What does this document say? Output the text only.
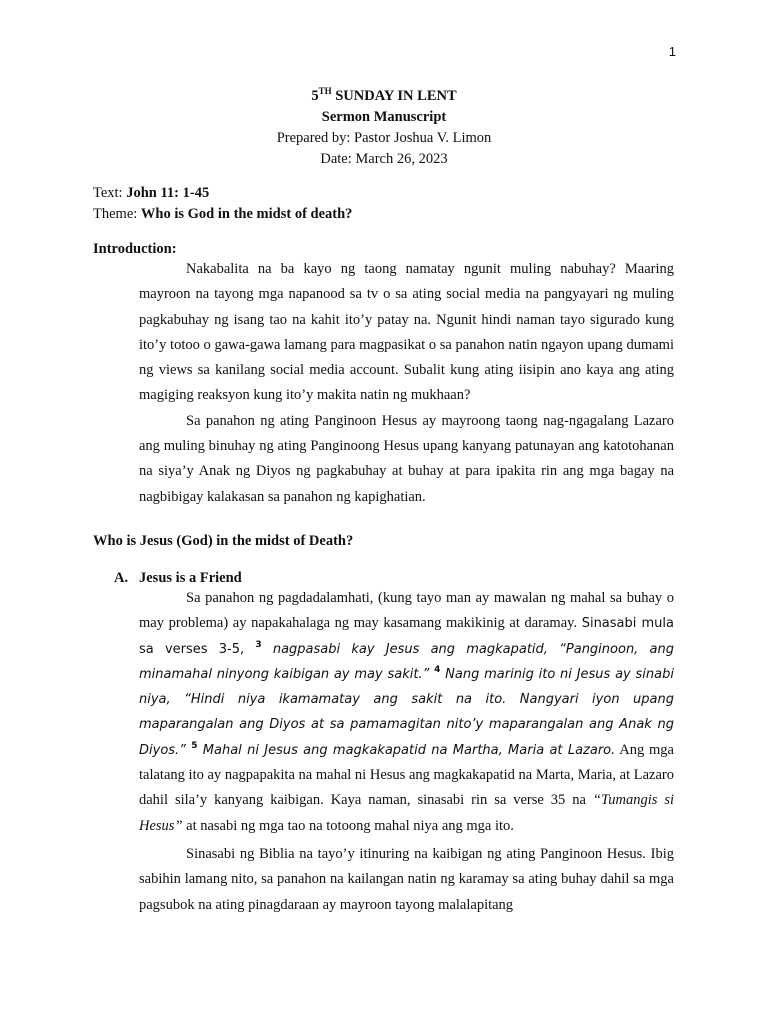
1
5TH SUNDAY IN LENT
Sermon Manuscript
Prepared by: Pastor Joshua V. Limon
Date: March 26, 2023
Text: John 11: 1-45
Theme: Who is God in the midst of death?
Introduction:

Nakabalita na ba kayo ng taong namatay ngunit muling nabuhay? Maaring mayroon na tayong mga napanood sa tv o sa ating social media na pangyayari ng muling pagkabuhay ng isang tao na kahit ito’y patay na. Ngunit hindi naman tayo sigurado kung ito’y totoo o gawa-gawa lamang para magpasikat o sa panahon natin ngayon upang dumami ng views sa kanilang social media account. Subalit kung ating iisipin ano kaya ang ating magiging reaksyon kung ito’y makita natin ng mukhaan?

Sa panahon ng ating Panginoon Hesus ay mayroong taong nag-ngagalang Lazaro ang muling binuhay ng ating Panginoong Hesus upang kanyang patunayan ang katotohanan na siya’y Anak ng Diyos ng pagkabuhay at buhay at para ipakita rin ang mga bagay na nagbibigay kalakasan sa panahon ng kapighatian.

Who is Jesus (God) in the midst of Death?
A. Jesus is a Friend

Sa panahon ng pagdadalamhati, (kung tayo man ay mawalan ng mahal sa buhay o may problema) ay napakahalaga ng may kasamang makikinig at daramay. Sinasabi mula sa verses 3-5, $^3$ nagpasabi kay Jesus ang magkapatid, “Panginoon, ang minamahal ninyong kaibigan ay may sakit.” $^4$ Nang marinig ito ni Jesus ay sinabi niya, “Hindi niya ikamamatay ang sakit na ito. Nangyari iyon upang maparangalan ang Diyos at sa pamamagitan nito’y maparangalan ang Anak ng Diyos.” $^5$ Mahal ni Jesus ang magkakapatid na Martha, Maria at Lazaro. Ang mga talatang ito ay nagpapakita na mahal ni Hesus ang magkakapatid na Marta, Maria, at Lazaro dahil sila’y kanyang kaibigan. Kaya naman, sinasabi rin sa verse 35 na “Tumangis si Hesus” at nasabi ng mga tao na totoong mahal niya ang mga ito.

Sinasabi ng Biblia na tayo’y itinuring na kaibigan ng ating Panginoon Hesus. Ibig sabihin lamang nito, sa panahon na kailangan natin ng karamay sa ating buhay dahil sa mga pagsubok na ating pinagdaraan ay mayroon tayong malalapitang
